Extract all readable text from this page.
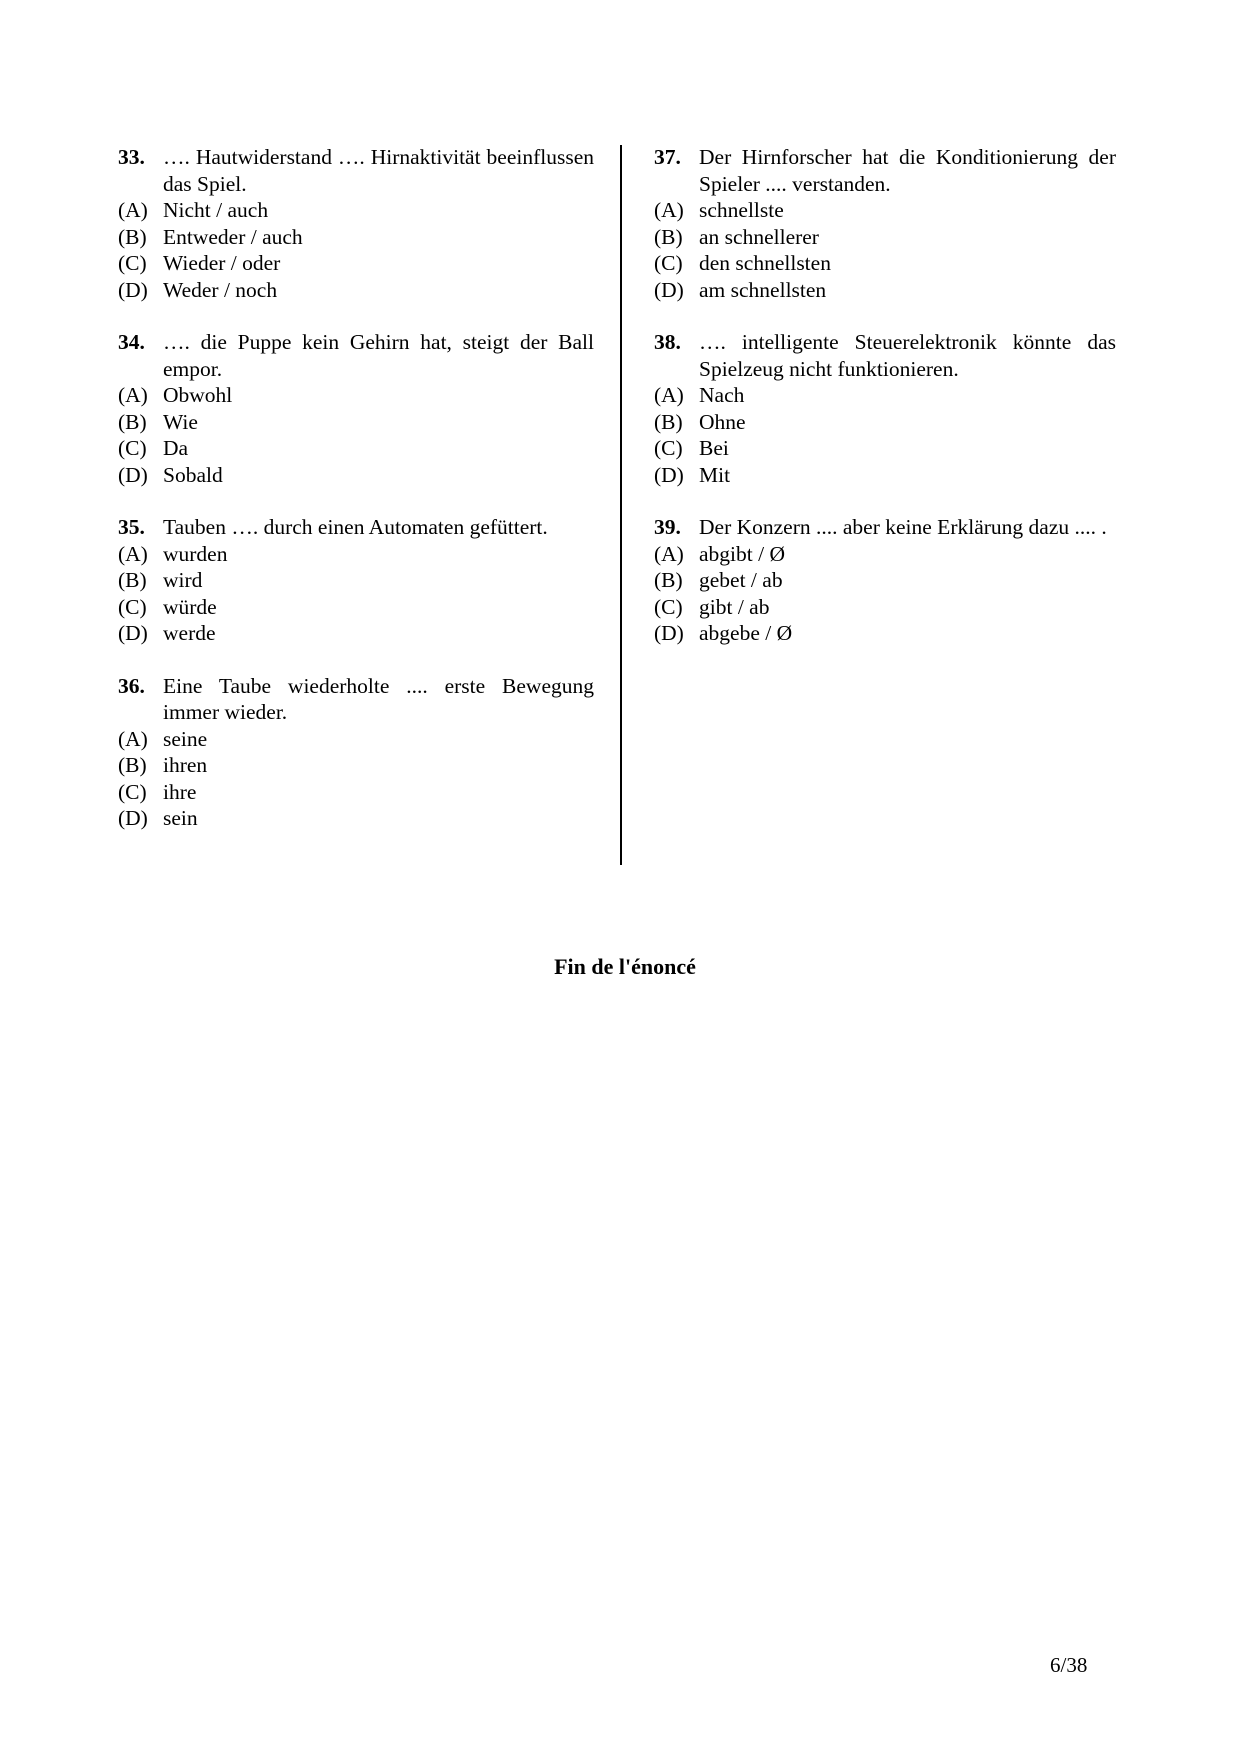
33. …. Hautwiderstand …. Hirnaktivität beeinflussen das Spiel.
(A) Nicht / auch
(B) Entweder / auch
(C) Wieder / oder
(D) Weder / noch
34. …. die Puppe kein Gehirn hat, steigt der Ball empor.
(A) Obwohl
(B) Wie
(C) Da
(D) Sobald
35. Tauben …. durch einen Automaten gefüttert.
(A) wurden
(B) wird
(C) würde
(D) werde
36. Eine Taube wiederholte .... erste Bewegung immer wieder.
(A) seine
(B) ihren
(C) ihre
(D) sein
37. Der Hirnforscher hat die Konditionierung der Spieler .... verstanden.
(A) schnellste
(B) an schnellerer
(C) den schnellsten
(D) am schnellsten
38. …. intelligente Steuerelektronik könnte das Spielzeug nicht funktionieren.
(A) Nach
(B) Ohne
(C) Bei
(D) Mit
39. Der Konzern .... aber keine Erklärung dazu .... .
(A) abgibt / Ø
(B) gebet / ab
(C) gibt / ab
(D) abgebe / Ø
Fin de l'énoncé
6/38
